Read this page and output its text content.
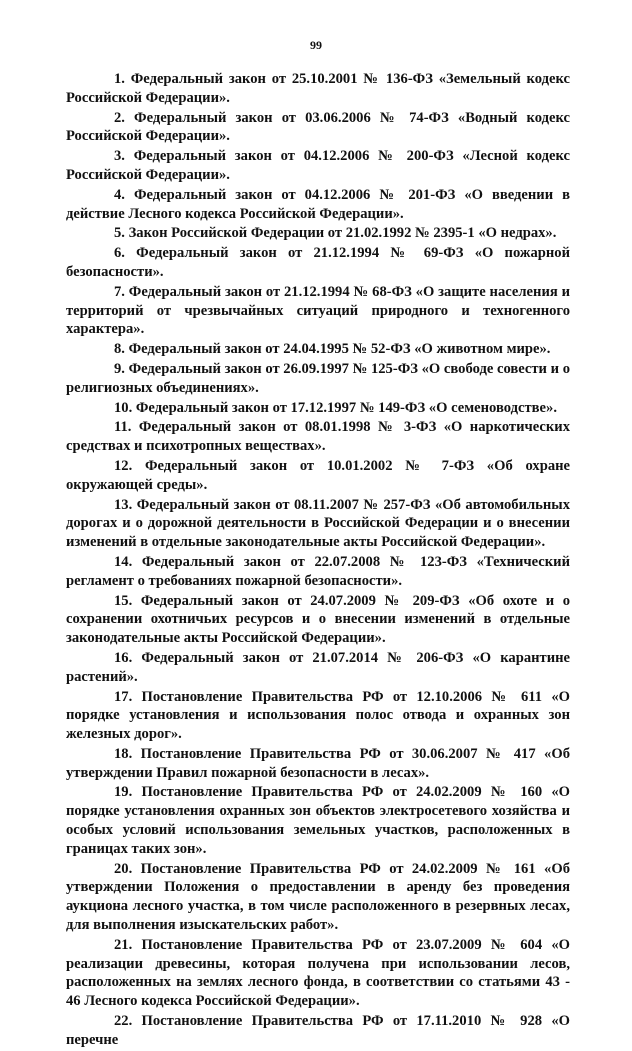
99

1. Федеральный закон от 25.10.2001 № 136-ФЗ «Земельный кодекс Российской Федерации».

2. Федеральный закон от 03.06.2006 № 74-ФЗ «Водный кодекс Российской Федерации».

3. Федеральный закон от 04.12.2006 № 200-ФЗ «Лесной кодекс Российской Федерации».

4. Федеральный закон от 04.12.2006 № 201-ФЗ «О введении в действие Лесного кодекса Российской Федерации».

5. Закон Российской Федерации от 21.02.1992 № 2395-1 «О недрах».

6. Федеральный закон от 21.12.1994 № 69-ФЗ «О пожарной безопасности».

7. Федеральный закон от 21.12.1994 № 68-ФЗ «О защите населения и территорий от чрезвычайных ситуаций природного и техногенного характера».

8. Федеральный закон от 24.04.1995 № 52-ФЗ «О животном мире».

9. Федеральный закон от 26.09.1997 № 125-ФЗ «О свободе совести и о религиозных объединениях».

10. Федеральный закон от 17.12.1997 № 149-ФЗ «О семеноводстве».

11. Федеральный закон от 08.01.1998 № 3-ФЗ «О наркотических средствах и психотропных веществах».

12. Федеральный закон от 10.01.2002 № 7-ФЗ «Об охране окружающей среды».

13. Федеральный закон от 08.11.2007 № 257-ФЗ «Об автомобильных дорогах и о дорожной деятельности в Российской Федерации и о внесении изменений в отдельные законодательные акты Российской Федерации».

14. Федеральный закон от 22.07.2008 № 123-ФЗ «Технический регламент о требованиях пожарной безопасности».

15. Федеральный закон от 24.07.2009 № 209-ФЗ «Об охоте и о сохранении охотничьих ресурсов и о внесении изменений в отдельные законодательные акты Российской Федерации».

16. Федеральный закон от 21.07.2014 № 206-ФЗ «О карантине растений».

17. Постановление Правительства РФ от 12.10.2006 № 611 «О порядке установления и использования полос отвода и охранных зон железных дорог».

18. Постановление Правительства РФ от 30.06.2007 № 417 «Об утверждении Правил пожарной безопасности в лесах».

19. Постановление Правительства РФ от 24.02.2009 № 160 «О порядке установления охранных зон объектов электросетевого хозяйства и особых условий использования земельных участков, расположенных в границах таких зон».

20. Постановление Правительства РФ от 24.02.2009 № 161 «Об утверждении Положения о предоставлении в аренду без проведения аукциона лесного участка, в том числе расположенного в резервных лесах, для выполнения изыскательских работ».

21. Постановление Правительства РФ от 23.07.2009 № 604 «О реализации древесины, которая получена при использовании лесов, расположенных на землях лесного фонда, в соответствии со статьями 43 - 46 Лесного кодекса Российской Федерации».

22. Постановление Правительства РФ от 17.11.2010 № 928 «О перечне
